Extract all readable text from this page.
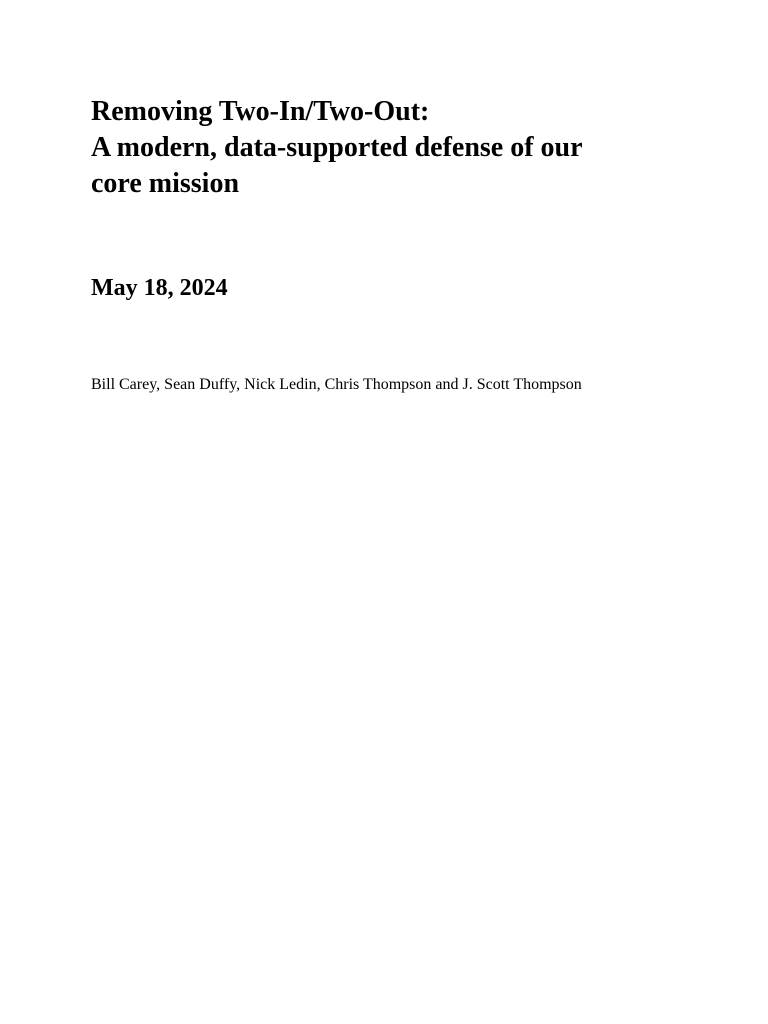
Removing Two-In/Two-Out:
A modern, data-supported defense of our
core mission
May 18, 2024
Bill Carey, Sean Duffy, Nick Ledin, Chris Thompson and J. Scott Thompson
